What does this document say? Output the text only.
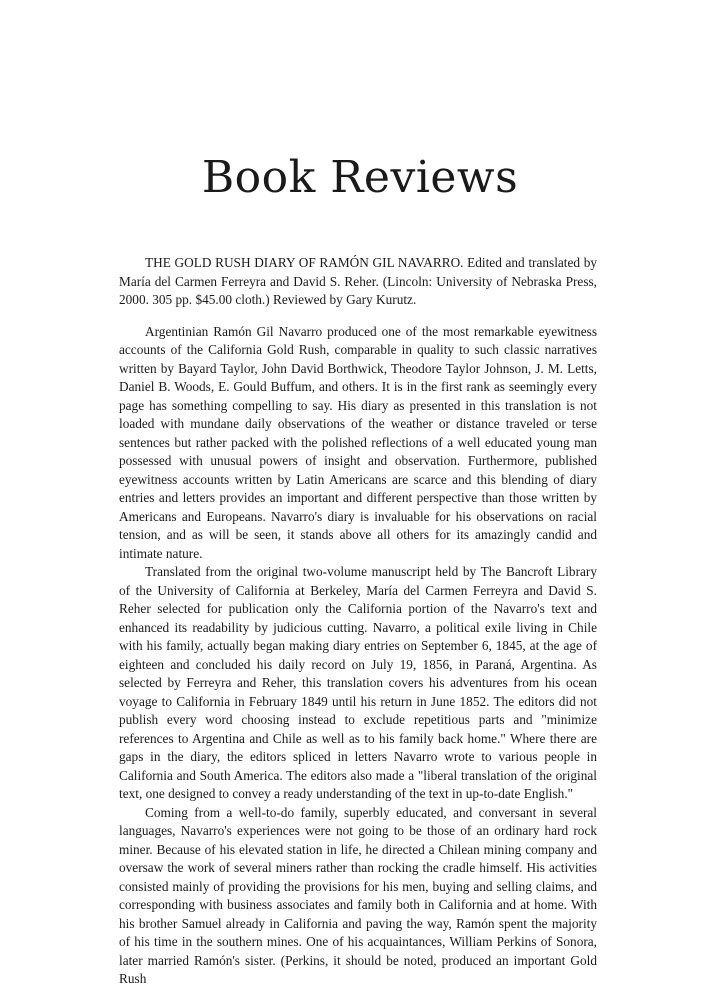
Book Reviews

THE GOLD RUSH DIARY OF RAMÓN GIL NAVARRO. Edited and translated by María del Carmen Ferreyra and David S. Reher. (Lincoln: University of Nebraska Press, 2000. 305 pp. $45.00 cloth.) Reviewed by Gary Kurutz.

Argentinian Ramón Gil Navarro produced one of the most remarkable eyewitness accounts of the California Gold Rush, comparable in quality to such classic narratives written by Bayard Taylor, John David Borthwick, Theodore Taylor Johnson, J. M. Letts, Daniel B. Woods, E. Gould Buffum, and others. It is in the first rank as seemingly every page has something compelling to say. His diary as presented in this translation is not loaded with mundane daily observations of the weather or distance traveled or terse sentences but rather packed with the polished reflections of a well educated young man possessed with unusual powers of insight and observation. Furthermore, published eyewitness accounts written by Latin Americans are scarce and this blending of diary entries and letters provides an important and different perspective than those written by Americans and Europeans. Navarro's diary is invaluable for his observations on racial tension, and as will be seen, it stands above all others for its amazingly candid and intimate nature.

Translated from the original two-volume manuscript held by The Bancroft Library of the University of California at Berkeley, María del Carmen Ferreyra and David S. Reher selected for publication only the California portion of the Navarro's text and enhanced its readability by judicious cutting. Navarro, a political exile living in Chile with his family, actually began making diary entries on September 6, 1845, at the age of eighteen and concluded his daily record on July 19, 1856, in Paraná, Argentina. As selected by Ferreyra and Reher, this translation covers his adventures from his ocean voyage to California in February 1849 until his return in June 1852. The editors did not publish every word choosing instead to exclude repetitious parts and "minimize references to Argentina and Chile as well as to his family back home." Where there are gaps in the diary, the editors spliced in letters Navarro wrote to various people in California and South America. The editors also made a "liberal translation of the original text, one designed to convey a ready understanding of the text in up-to-date English."

Coming from a well-to-do family, superbly educated, and conversant in several languages, Navarro's experiences were not going to be those of an ordinary hard rock miner. Because of his elevated station in life, he directed a Chilean mining company and oversaw the work of several miners rather than rocking the cradle himself. His activities consisted mainly of providing the provisions for his men, buying and selling claims, and corresponding with business associates and family both in California and at home. With his brother Samuel already in California and paving the way, Ramón spent the majority of his time in the southern mines. One of his acquaintances, William Perkins of Sonora, later married Ramón's sister. (Perkins, it should be noted, produced an important Gold Rush
